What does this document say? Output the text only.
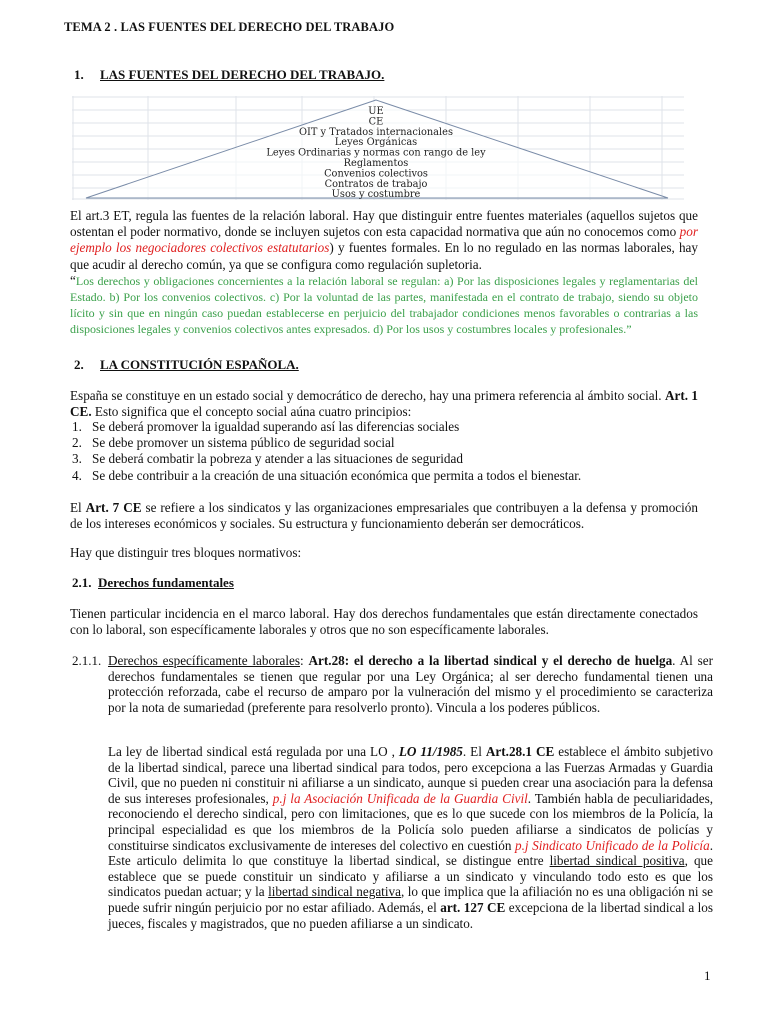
TEMA 2 . LAS FUENTES DEL DERECHO DEL TRABAJO
1. LAS FUENTES DEL DERECHO DEL TRABAJO.
UE
CE
OIT y Tratados internacionales
Leyes Orgánicas
Leyes Ordinarias y normas con rango de ley
Reglamentos
Convenios colectivos
Contratos de trabajo
Usos y costumbre
El art.3 ET, regula las fuentes de la relación laboral. Hay que distinguir entre fuentes materiales (aquellos sujetos que ostentan el poder normativo, donde se incluyen sujetos con esta capacidad normativa que aún no conocemos como por ejemplo los negociadores colectivos estatutarios) y fuentes formales. En lo no regulado en las normas laborales, hay que acudir al derecho común, ya que se configura como regulación supletoria.
“Los derechos y obligaciones concernientes a la relación laboral se regulan: a) Por las disposiciones legales y reglamentarias del Estado. b) Por los convenios colectivos. c) Por la voluntad de las partes, manifestada en el contrato de trabajo, siendo su objeto lícito y sin que en ningún caso puedan establecerse en perjuicio del trabajador condiciones menos favorables o contrarias a las disposiciones legales y convenios colectivos antes expresados. d) Por los usos y costumbres locales y profesionales.”
2. LA CONSTITUCIÓN ESPAÑOLA.
España se constituye en un estado social y democrático de derecho, hay una primera referencia al ámbito social. Art. 1 CE. Esto significa que el concepto social aúna cuatro principios:
1. Se deberá promover la igualdad superando así las diferencias sociales
2. Se debe promover un sistema público de seguridad social
3. Se deberá combatir la pobreza y atender a las situaciones de seguridad
4. Se debe contribuir a la creación de una situación económica que permita a todos el bienestar.
El Art. 7 CE se refiere a los sindicatos y las organizaciones empresariales que contribuyen a la defensa y promoción de los intereses económicos y sociales. Su estructura y funcionamiento deberán ser democráticos.
Hay que distinguir tres bloques normativos:
2.1. Derechos fundamentales
Tienen particular incidencia en el marco laboral. Hay dos derechos fundamentales que están directamente conectados con lo laboral, son específicamente laborales y otros que no son específicamente laborales.
2.1.1. Derechos específicamente laborales: Art.28: el derecho a la libertad sindical y el derecho de huelga. Al ser derechos fundamentales se tienen que regular por una Ley Orgánica; al ser derecho fundamental tienen una protección reforzada, cabe el recurso de amparo por la vulneración del mismo y el procedimiento se caracteriza por la nota de sumariedad (preferente para resolverlo pronto). Vincula a los poderes públicos.
La ley de libertad sindical está regulada por una LO , LO 11/1985. El Art.28.1 CE establece el ámbito subjetivo de la libertad sindical, parece una libertad sindical para todos, pero excepciona a las Fuerzas Armadas y Guardia Civil, que no pueden ni constituir ni afiliarse a un sindicato, aunque si pueden crear una asociación para la defensa de sus intereses profesionales, p.j la Asociación Unificada de la Guardia Civil. También habla de peculiaridades, reconociendo el derecho sindical, pero con limitaciones, que es lo que sucede con los miembros de la Policía, la principal especialidad es que los miembros de la Policía solo pueden afiliarse a sindicatos de policías y constituirse sindicatos exclusivamente de intereses del colectivo en cuestión p.j Sindicato Unificado de la Policía. Este articulo delimita lo que constituye la libertad sindical, se distingue entre libertad sindical positiva, que establece que se puede constituir un sindicato y afiliarse a un sindicato y vinculando todo esto es que los sindicatos puedan actuar; y la libertad sindical negativa, lo que implica que la afiliación no es una obligación ni se puede sufrir ningún perjuicio por no estar afiliado. Además, el art. 127 CE excepciona de la libertad sindical a los jueces, fiscales y magistrados, que no pueden afiliarse a un sindicato.
1
